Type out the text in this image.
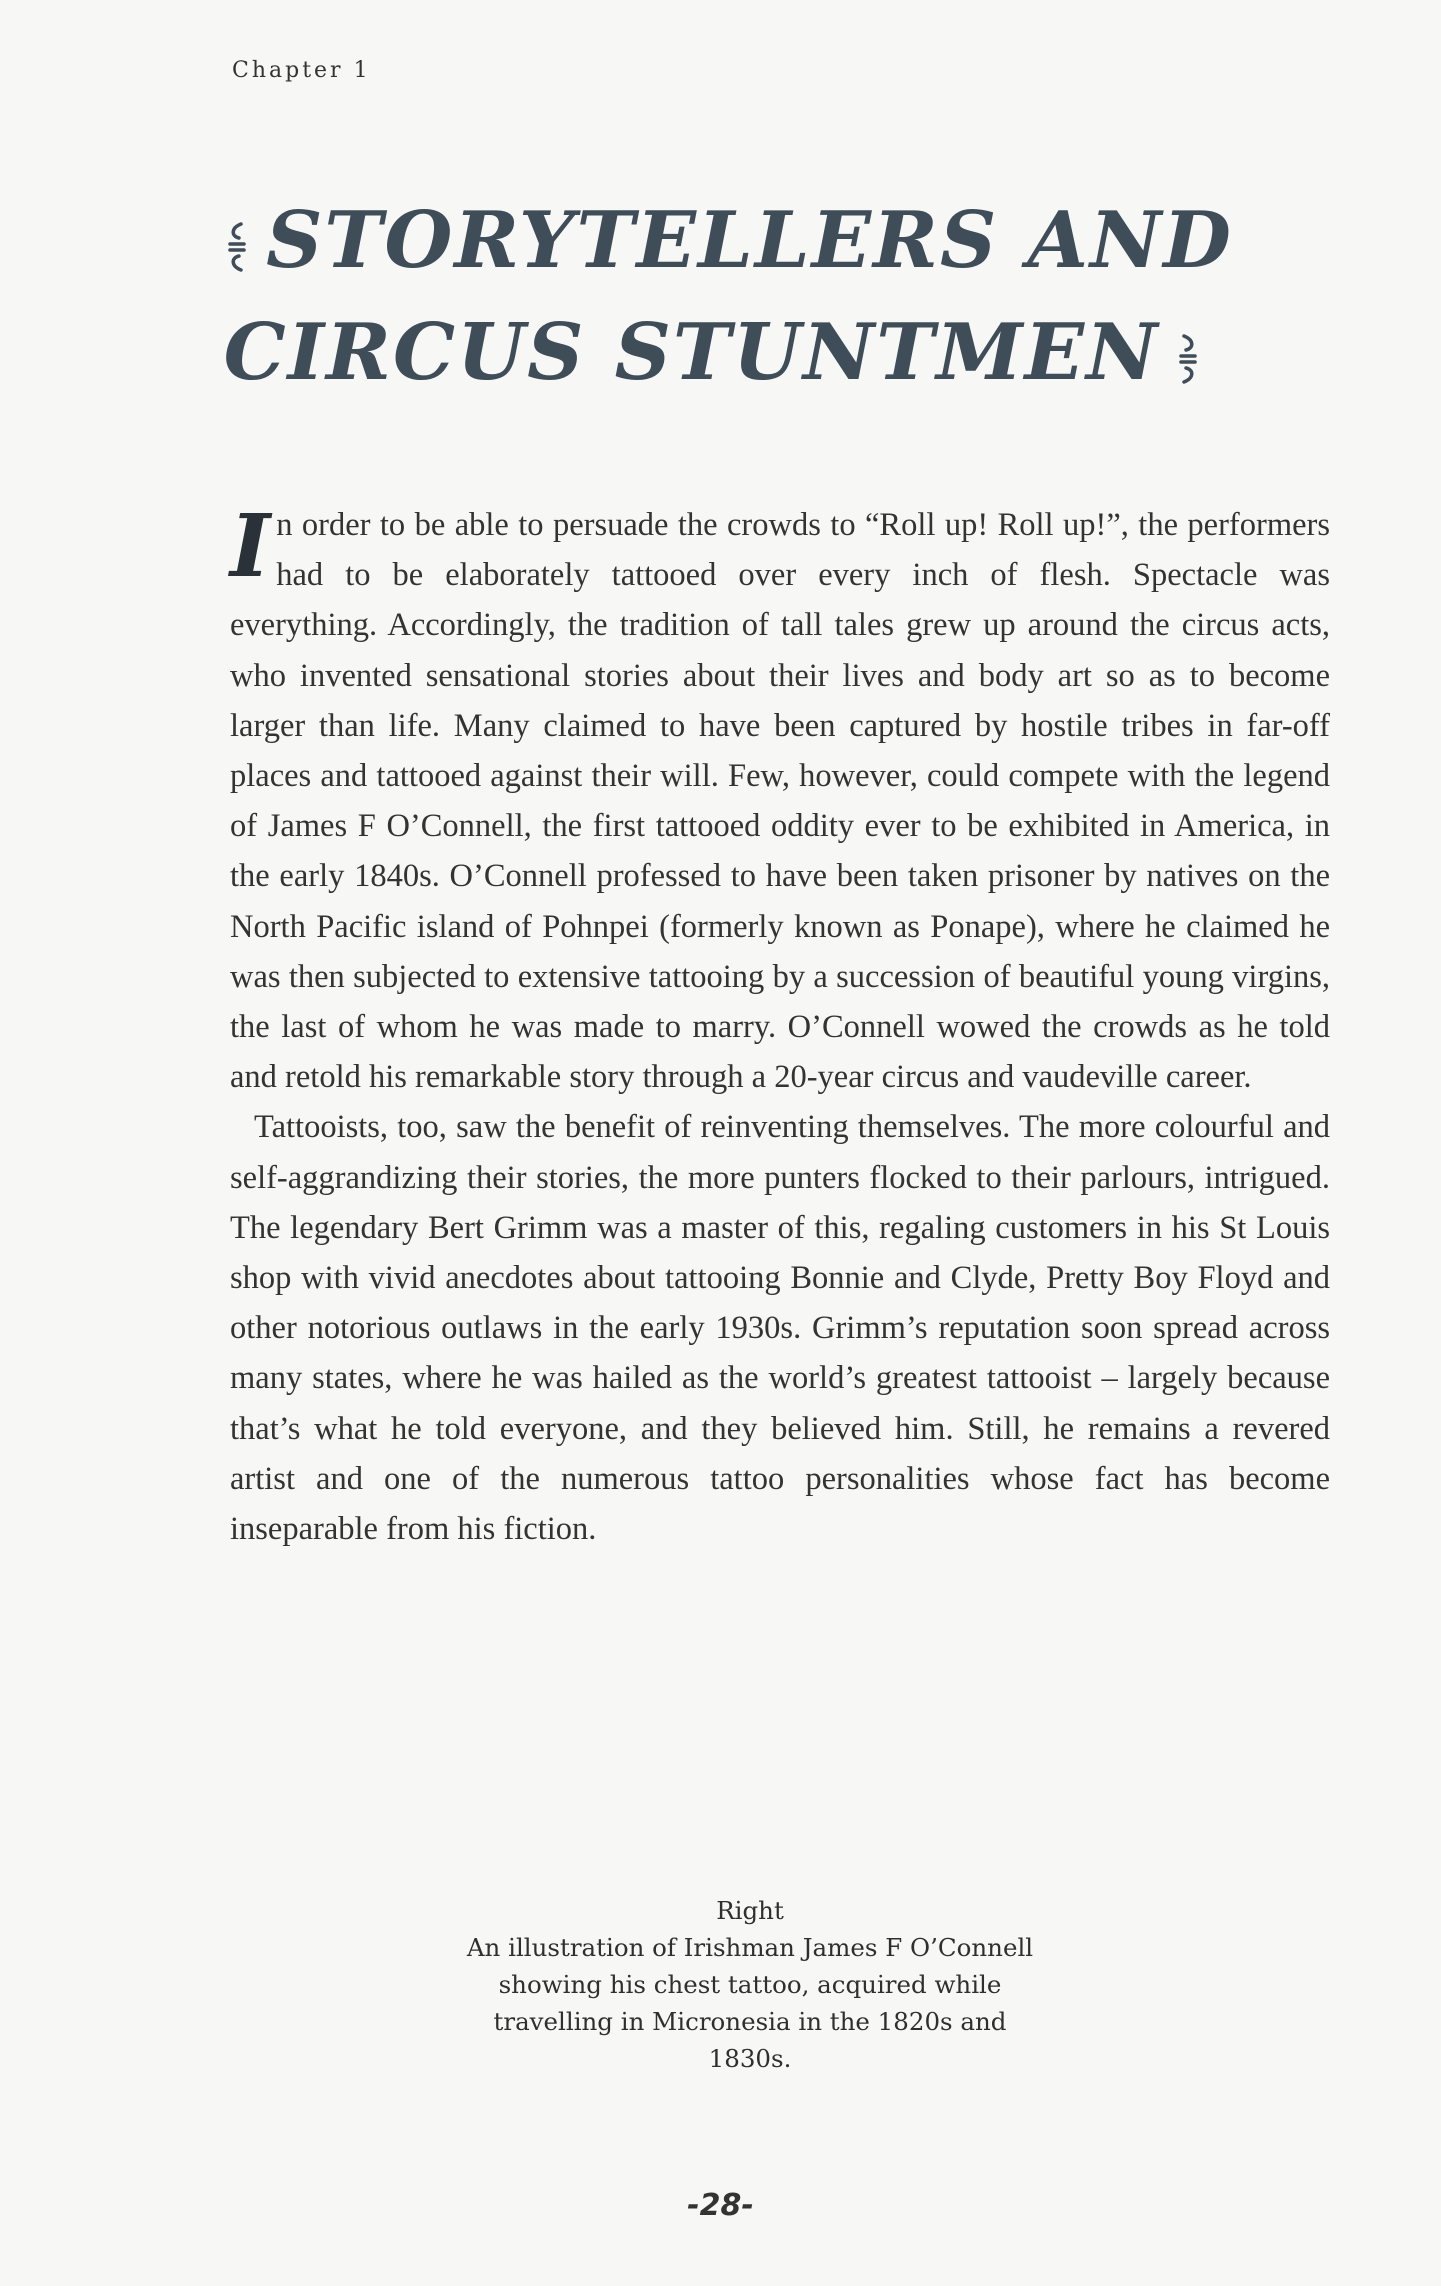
Chapter 1
STORYTELLERS AND
CIRCUS STUNTMEN

In order to be able to persuade the crowds to “Roll up! Roll up!”, the performers had to be elaborately tattooed over every inch of flesh. Spectacle was everything. Accordingly, the tradition of tall tales grew up around the circus acts, who invented sensational stories about their lives and body art so as to become larger than life. Many claimed to have been captured by hostile tribes in far-off places and tattooed against their will. Few, however, could compete with the legend of James F O’Connell, the first tattooed oddity ever to be exhibited in America, in the early 1840s. O’Connell professed to have been taken prisoner by natives on the North Pacific island of Pohnpei (formerly known as Ponape), where he claimed he was then subjected to extensive tattooing by a succession of beautiful young virgins, the last of whom he was made to marry. O’Connell wowed the crowds as he told and retold his remarkable story through a 20-year circus and vaudeville career.

Tattooists, too, saw the benefit of reinventing themselves. The more colourful and self-aggrandizing their stories, the more punters flocked to their parlours, intrigued. The legendary Bert Grimm was a master of this, regaling customers in his St Louis shop with vivid anecdotes about tattooing Bonnie and Clyde, Pretty Boy Floyd and other notorious outlaws in the early 1930s. Grimm’s reputation soon spread across many states, where he was hailed as the world’s greatest tattooist – largely because that’s what he told everyone, and they believed him. Still, he remains a revered artist and one of the numerous tattoo personalities whose fact has become inseparable from his fiction.

Right
An illustration of Irishman James F O’Connell showing his chest tattoo, acquired while travelling in Micronesia in the 1820s and 1830s.
-28-
